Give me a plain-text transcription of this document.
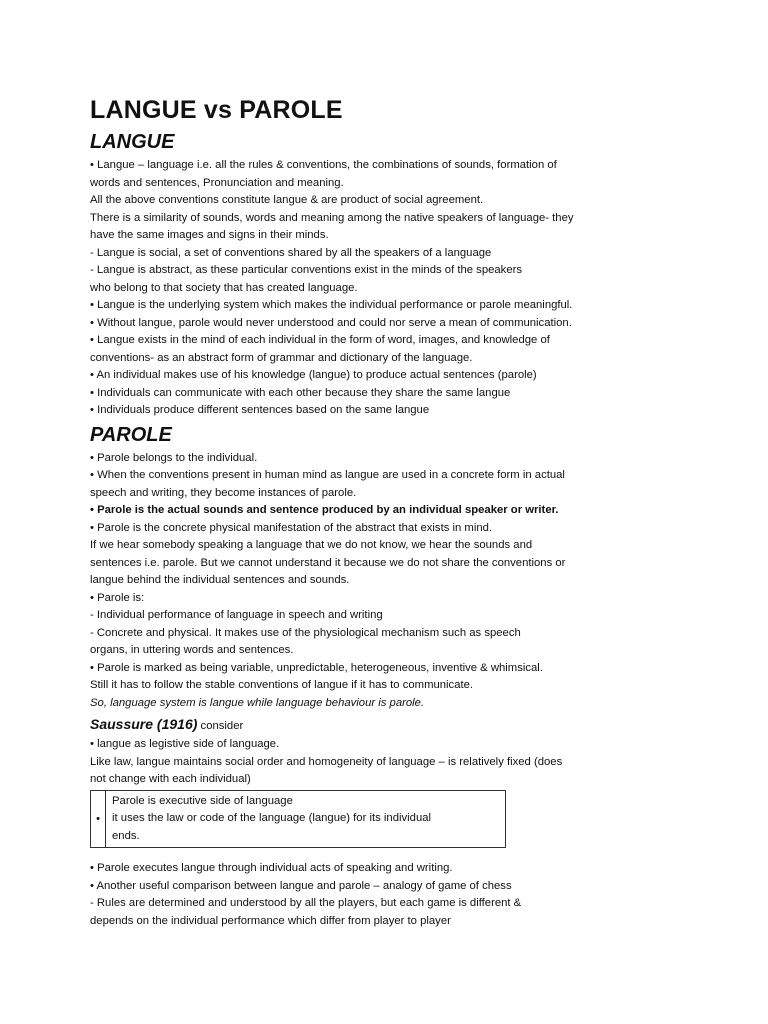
LANGUE vs PAROLE
LANGUE

• Langue – language i.e. all the rules & conventions, the combinations of sounds, formation of

words and sentences, Pronunciation and meaning.

All the above conventions constitute langue & are product of social agreement.

There is a similarity of sounds, words and meaning among the native speakers of language- they

have the same images and signs in their minds.

- Langue is social, a set of conventions shared by all the speakers of a language

- Langue is abstract, as these particular conventions exist in the minds of the speakers

who belong to that society that has created language.

• Langue is the underlying system which makes the individual performance or parole meaningful.

• Without langue, parole would never understood and could nor serve a mean of communication.

• Langue exists in the mind of each individual in the form of word, images, and knowledge of

conventions- as an abstract form of grammar and dictionary of the language.

• An individual makes use of his knowledge (langue) to produce actual sentences (parole)

• Individuals can communicate with each other because they share the same langue

• Individuals produce different sentences based on the same langue

PAROLE

• Parole belongs to the individual.

• When the conventions present in human mind as langue are used in a concrete form in actual

speech and writing, they become instances of parole.

• Parole is the actual sounds and sentence produced by an individual speaker or writer.

• Parole is the concrete physical manifestation of the abstract that exists in mind.

If we hear somebody speaking a language that we do not know, we hear the sounds and

sentences i.e. parole. But we cannot understand it because we do not share the conventions or

langue behind the individual sentences and sounds.

• Parole is:

- Individual performance of language in speech and writing

- Concrete and physical. It makes use of the physiological mechanism such as speech

organs, in uttering words and sentences.

• Parole is marked as being variable, unpredictable, heterogeneous, inventive & whimsical.

Still it has to follow the stable conventions of langue if it has to communicate.

So, language system is langue while language behaviour is parole.

Saussure (1916) consider

• langue as legistive side of language.

Like law, langue maintains social order and homogeneity of language – is relatively fixed (does

not change with each individual)

•	

Parole is executive side of language

it uses the law or code of the language (langue) for its individual

ends.

• Parole executes langue through individual acts of speaking and writing.

• Another useful comparison between langue and parole – analogy of game of chess

- Rules are determined and understood by all the players, but each game is different &

depends on the individual performance which differ from player to player
